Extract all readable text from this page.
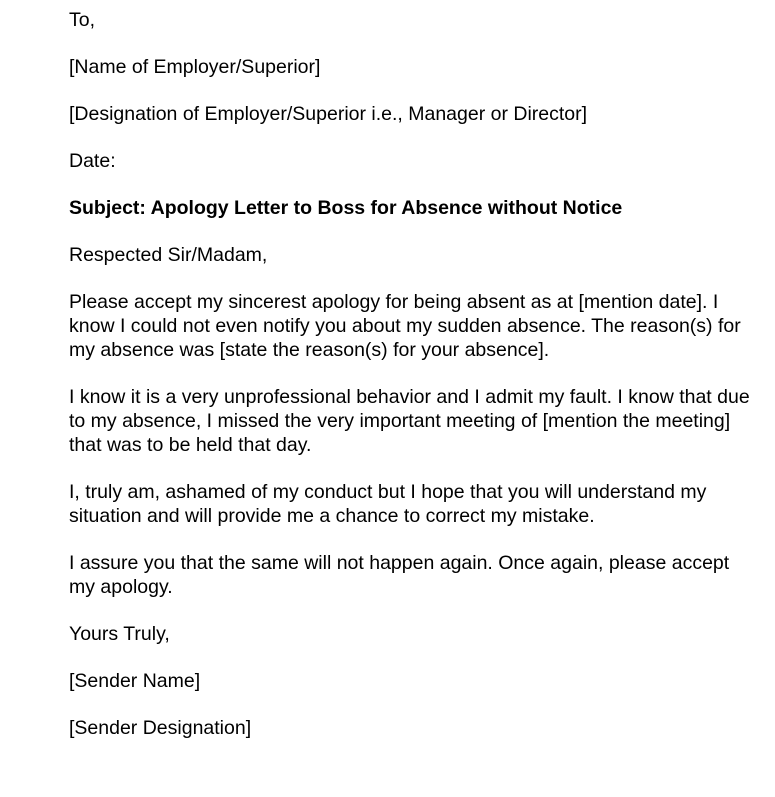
To,

[Name of Employer/Superior]

[Designation of Employer/Superior i.e., Manager or Director]

Date:

Subject: Apology Letter to Boss for Absence without Notice

Respected Sir/Madam,

Please accept my sincerest apology for being absent as at [mention date]. I know I could not even notify you about my sudden absence. The reason(s) for my absence was [state the reason(s) for your absence].

I know it is a very unprofessional behavior and I admit my fault. I know that due to my absence, I missed the very important meeting of [mention the meeting] that was to be held that day.

I, truly am, ashamed of my conduct but I hope that you will understand my situation and will provide me a chance to correct my mistake.

I assure you that the same will not happen again. Once again, please accept my apology.

Yours Truly,

[Sender Name]

[Sender Designation]
